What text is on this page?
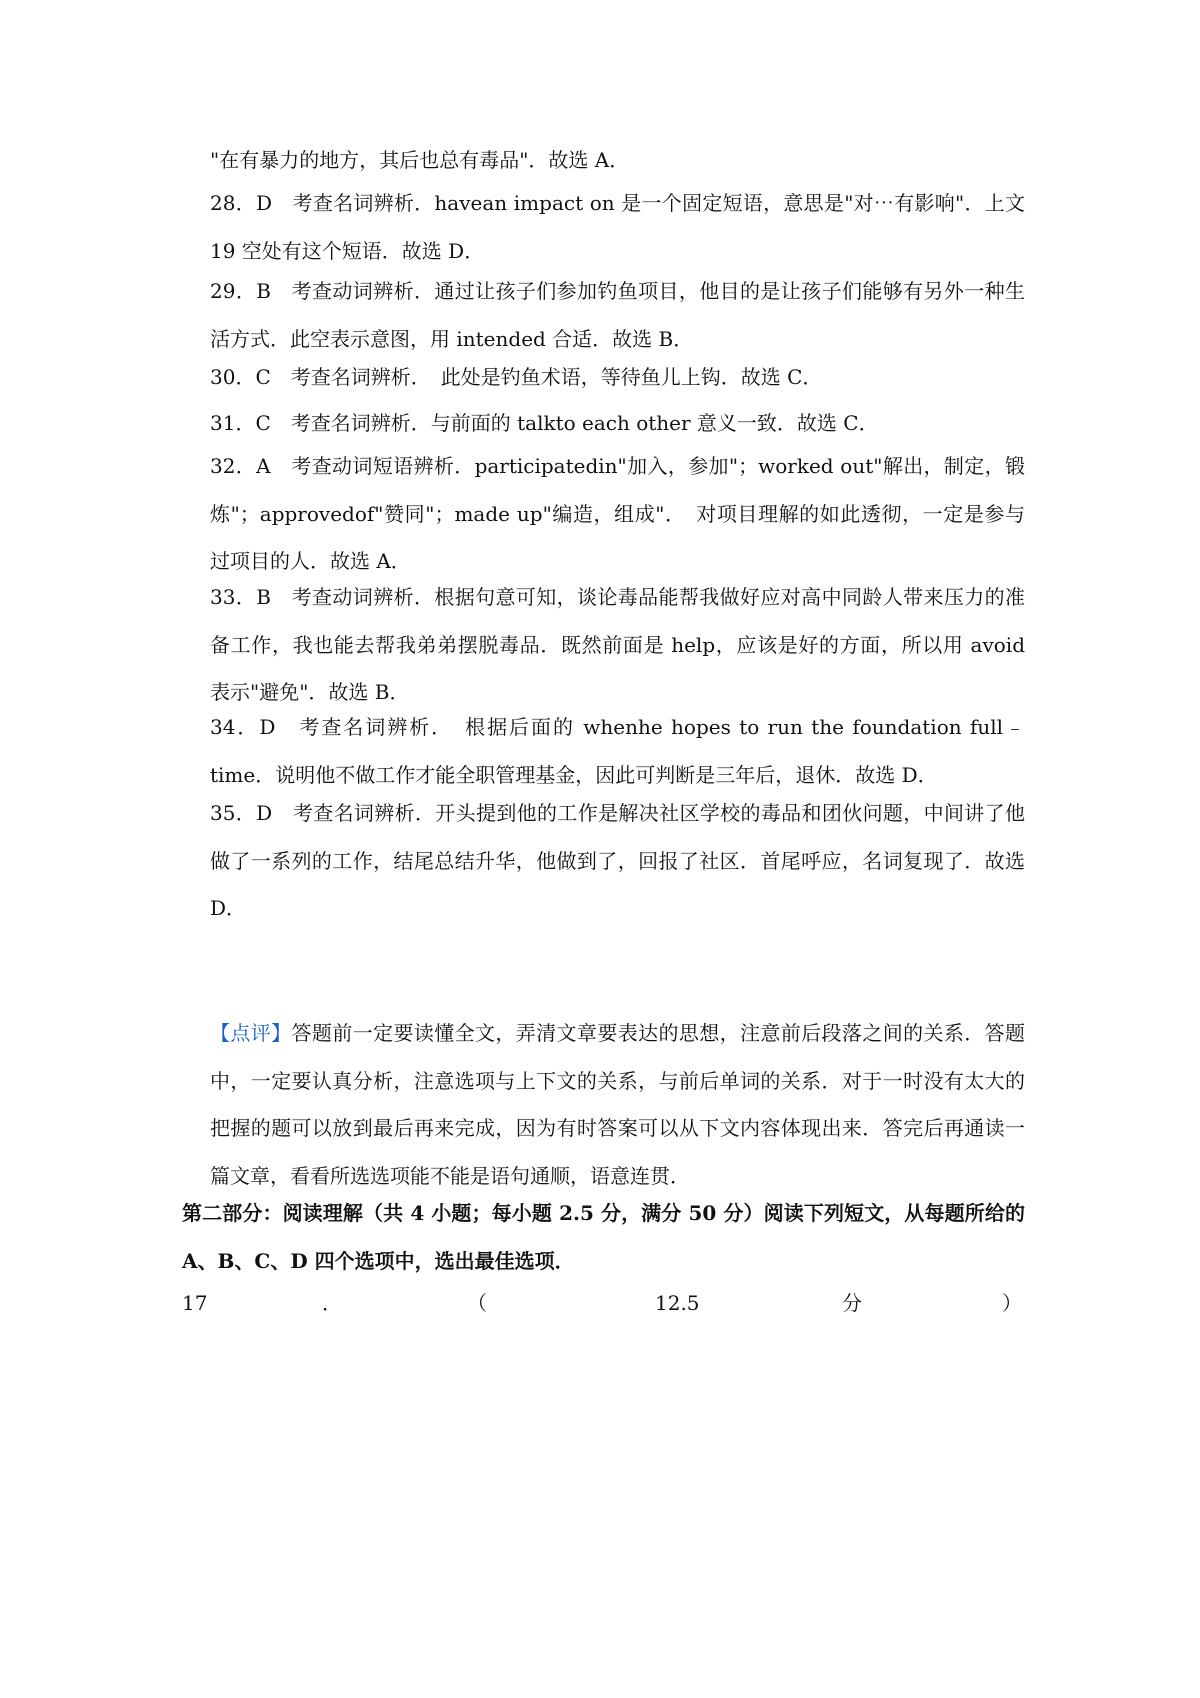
"在有暴力的地方，其后也总有毒品"．故选 A．

28．D　考查名词辨析．havean impact on 是一个固定短语，意思是"对⋯有影响"．上文19 空处有这个短语．故选 D．

29．B　考查动词辨析．通过让孩子们参加钓鱼项目，他目的是让孩子们能够有另外一种生活方式．此空表示意图，用 intended 合适．故选 B．

30．C　考查名词辨析．　此处是钓鱼术语，等待鱼儿上钩．故选 C．

31．C　考查名词辨析．与前面的 talkto each other 意义一致．故选 C．

32．A　考查动词短语辨析．participatedin"加入，参加"；worked out"解出，制定，锻炼"；approvedof"赞同"；made up"编造，组成"．　对项目理解的如此透彻，一定是参与过项目的人．故选 A．

33．B　考查动词辨析．根据句意可知，谈论毒品能帮我做好应对高中同龄人带来压力的准备工作，我也能去帮我弟弟摆脱毒品．既然前面是 help，应该是好的方面，所以用 avoid 表示"避免"．故选 B．

34．D　考查名词辨析．　根据后面的 whenhe hopes to run the foundation full﹣time．说明他不做工作才能全职管理基金，因此可判断是三年后，退休．故选 D．

35．D　考查名词辨析．开头提到他的工作是解决社区学校的毒品和团伙问题，中间讲了他做了一系列的工作，结尾总结升华，他做到了，回报了社区．首尾呼应，名词复现了．故选 D．

【点评】答题前一定要读懂全文，弄清文章要表达的思想，注意前后段落之间的关系．答题中，一定要认真分析，注意选项与上下文的关系，与前后单词的关系．对于一时没有太大的把握的题可以放到最后再来完成，因为有时答案可以从下文内容体现出来．答完后再通读一篇文章，看看所选选项能不能是语句通顺，语意连贯．

第二部分：阅读理解（共 4 小题；每小题 2.5 分，满分 50 分）阅读下列短文，从每题所给的 A、B、C、D 四个选项中，选出最佳选项．

17	．	（	12.5	分	）
